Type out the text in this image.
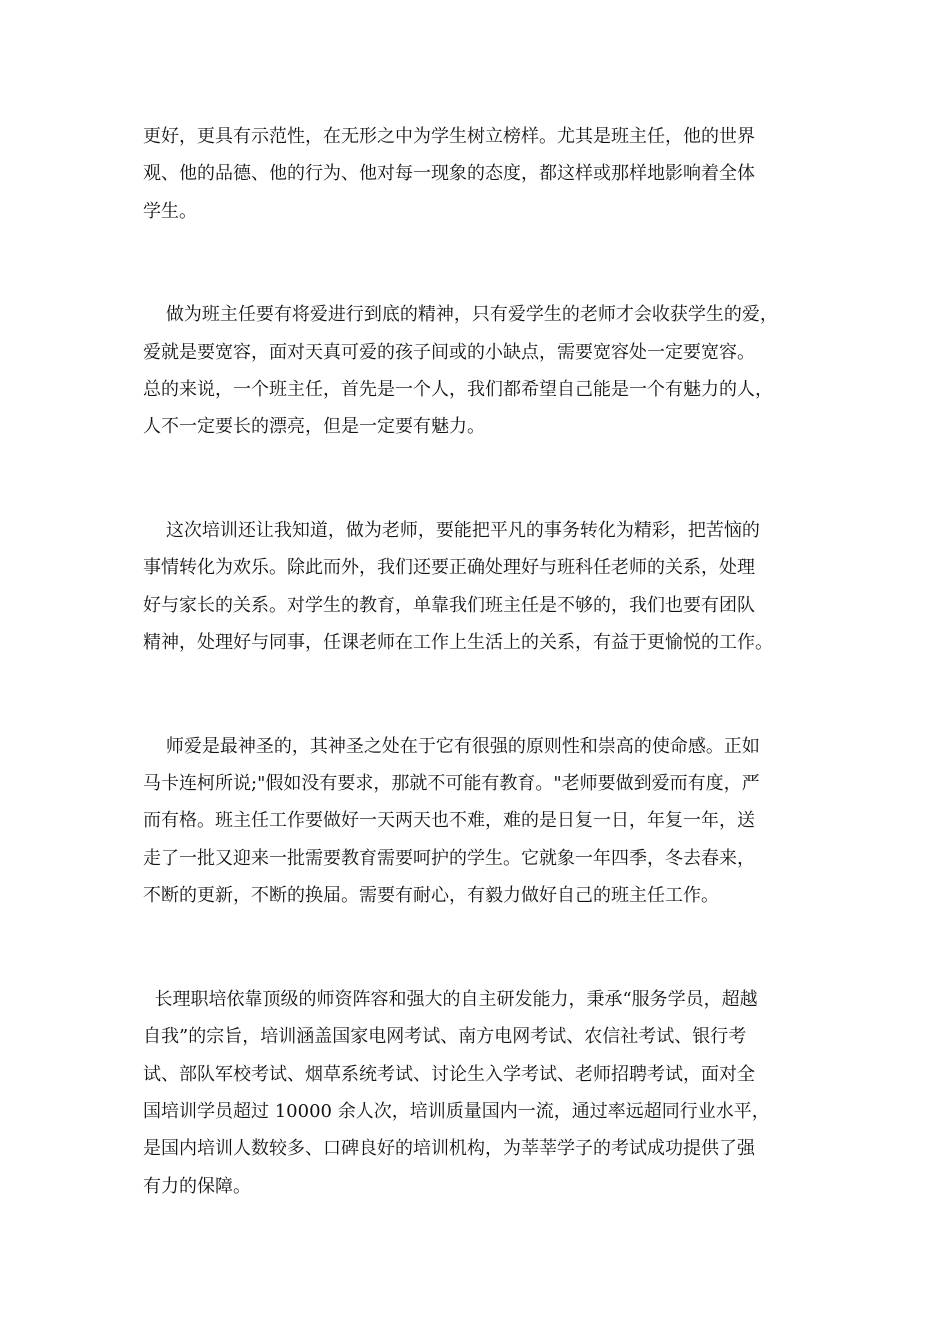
更好，更具有示范性，在无形之中为学生树立榜样。尤其是班主任，他的世界

观、他的品德、他的行为、他对每一现象的态度，都这样或那样地影响着全体

学生。

做为班主任要有将爱进行到底的精神，只有爱学生的老师才会收获学生的爱，

爱就是要宽容，面对天真可爱的孩子间或的小缺点，需要宽容处一定要宽容。

总的来说，一个班主任，首先是一个人，我们都希望自己能是一个有魅力的人，

人不一定要长的漂亮，但是一定要有魅力。

这次培训还让我知道，做为老师，要能把平凡的事务转化为精彩，把苦恼的

事情转化为欢乐。除此而外，我们还要正确处理好与班科任老师的关系，处理

好与家长的关系。对学生的教育，单靠我们班主任是不够的，我们也要有团队

精神，处理好与同事，任课老师在工作上生活上的关系，有益于更愉悦的工作。

师爱是最神圣的，其神圣之处在于它有很强的原则性和崇高的使命感。正如

马卡连柯所说;"假如没有要求，那就不可能有教育。"老师要做到爱而有度，严

而有格。班主任工作要做好一天两天也不难，难的是日复一日，年复一年，送

走了一批又迎来一批需要教育需要呵护的学生。它就象一年四季，冬去春来，

不断的更新，不断的换届。需要有耐心，有毅力做好自己的班主任工作。

长理职培依靠顶级的师资阵容和强大的自主研发能力，秉承“服务学员，超越

自我”的宗旨，培训涵盖国家电网考试、南方电网考试、农信社考试、银行考

试、部队军校考试、烟草系统考试、讨论生入学考试、老师招聘考试，面对全

国培训学员超过 10000 余人次，培训质量国内一流，通过率远超同行业水平，

是国内培训人数较多、口碑良好的培训机构，为莘莘学子的考试成功提供了强

有力的保障。
